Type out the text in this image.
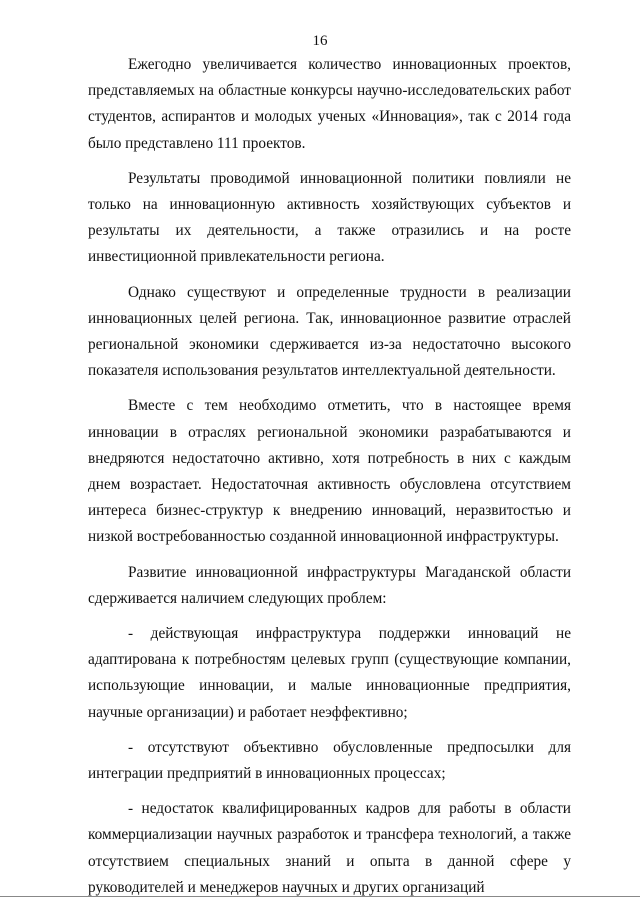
16

Ежегодно увеличивается количество инновационных проектов, представляемых на областные конкурсы научно-исследовательских работ студентов, аспирантов и молодых ученых «Инновация», так с 2014 года было представлено 111 проектов.

Результаты проводимой инновационной политики повлияли не только на инновационную активность хозяйствующих субъектов и результаты их деятельности, а также отразились и на росте инвестиционной привлекательности региона.

Однако существуют и определенные трудности в реализации инновационных целей региона. Так, инновационное развитие отраслей региональной экономики сдерживается из-за недостаточно высокого показателя использования результатов интеллектуальной деятельности.

Вместе с тем необходимо отметить, что в настоящее время инновации в отраслях региональной экономики разрабатываются и внедряются недостаточно активно, хотя потребность в них с каждым днем возрастает. Недостаточная активность обусловлена отсутствием интереса бизнес-структур к внедрению инноваций, неразвитостью и низкой востребованностью созданной инновационной инфраструктуры.

Развитие инновационной инфраструктуры Магаданской области сдерживается наличием следующих проблем:

- действующая инфраструктура поддержки инноваций не адаптирована к потребностям целевых групп (существующие компании, использующие инновации, и малые инновационные предприятия, научные организации) и работает неэффективно;

- отсутствуют объективно обусловленные предпосылки для интеграции предприятий в инновационных процессах;

- недостаток квалифицированных кадров для работы в области коммерциализации научных разработок и трансфера технологий, а также отсутствием специальных знаний и опыта в данной сфере у руководителей и менеджеров научных и других организаций
